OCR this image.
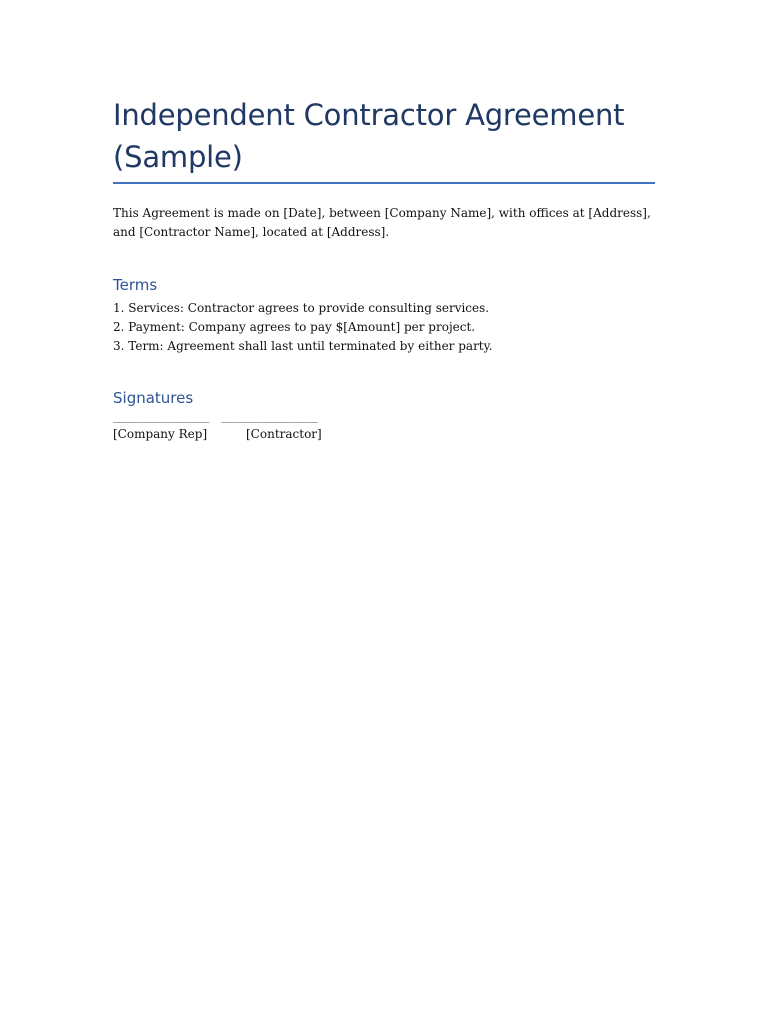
Independent Contractor Agreement (Sample)

This Agreement is made on [Date], between [Company Name], with offices at [Address], and [Contractor Name], located at [Address].

Terms
1. Services: Contractor agrees to provide consulting services.
2. Payment: Company agrees to pay $[Amount] per project.
3. Term: Agreement shall last until terminated by either party.
Signatures
________________ ________________
[Company Rep]	[Contractor]
